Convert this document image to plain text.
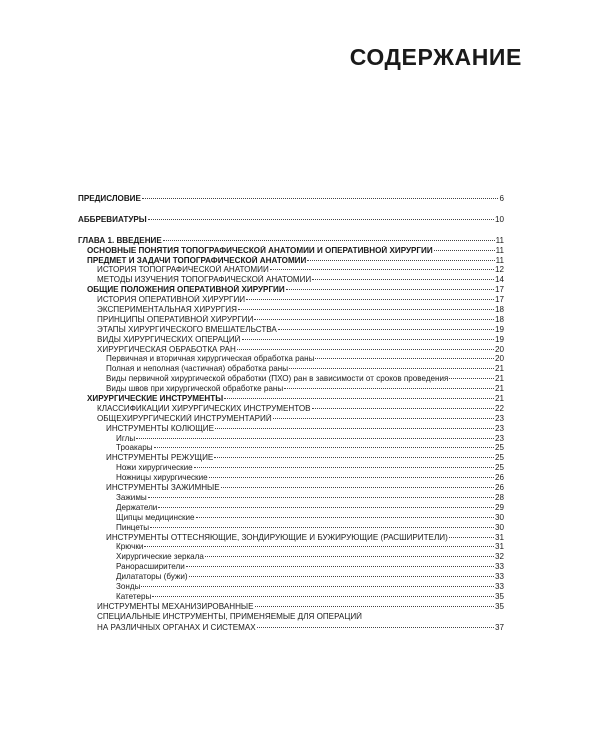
СОДЕРЖАНИЕ
ПРЕДИСЛОВИЕ	6
АББРЕВИАТУРЫ	10
ГЛАВА 1. ВВЕДЕНИЕ	11
ОСНОВНЫЕ ПОНЯТИЯ ТОПОГРАФИЧЕСКОЙ АНАТОМИИ И ОПЕРАТИВНОЙ ХИРУРГИИ	11
ПРЕДМЕТ И ЗАДАЧИ ТОПОГРАФИЧЕСКОЙ АНАТОМИИ	11
ИСТОРИЯ ТОПОГРАФИЧЕСКОЙ АНАТОМИИ	12
МЕТОДЫ ИЗУЧЕНИЯ ТОПОГРАФИЧЕСКОЙ АНАТОМИИ	14
ОБЩИЕ ПОЛОЖЕНИЯ ОПЕРАТИВНОЙ ХИРУРГИИ	17
ИСТОРИЯ ОПЕРАТИВНОЙ ХИРУРГИИ	17
ЭКСПЕРИМЕНТАЛЬНАЯ ХИРУРГИЯ	18
ПРИНЦИПЫ ОПЕРАТИВНОЙ ХИРУРГИИ	18
ЭТАПЫ ХИРУРГИЧЕСКОГО ВМЕШАТЕЛЬСТВА	19
ВИДЫ ХИРУРГИЧЕСКИХ ОПЕРАЦИЙ	19
ХИРУРГИЧЕСКАЯ ОБРАБОТКА РАН	20
Первичная и вторичная хирургическая обработка раны	20
Полная и неполная (частичная) обработка раны	21
Виды первичной хирургической обработки (ПХО) ран в зависимости от сроков проведения	21
Виды швов при хирургической обработке раны	21
ХИРУРГИЧЕСКИЕ ИНСТРУМЕНТЫ	21
КЛАССИФИКАЦИИ ХИРУРГИЧЕСКИХ ИНСТРУМЕНТОВ	22
ОБЩЕХИРУРГИЧЕСКИЙ ИНСТРУМЕНТАРИЙ	23
ИНСТРУМЕНТЫ КОЛЮЩИЕ	23
Иглы	23
Троакары	25
ИНСТРУМЕНТЫ РЕЖУЩИЕ	25
Ножи хирургические	25
Ножницы хирургические	26
ИНСТРУМЕНТЫ ЗАЖИМНЫЕ	26
Зажимы	28
Держатели	29
Щипцы медицинские	30
Пинцеты	30
ИНСТРУМЕНТЫ ОТТЕСНЯЮЩИЕ, ЗОНДИРУЮЩИЕ И БУЖИРУЮЩИЕ (РАСШИРИТЕЛИ)	31
Крючки	31
Хирургические зеркала	32
Ранорасширители	33
Дилататоры (бужи)	33
Зонды	33
Катетеры	35
ИНСТРУМЕНТЫ МЕХАНИЗИРОВАННЫЕ	35
СПЕЦИАЛЬНЫЕ ИНСТРУМЕНТЫ, ПРИМЕНЯЕМЫЕ ДЛЯ ОПЕРАЦИЙ
НА РАЗЛИЧНЫХ ОРГАНАХ И СИСТЕМАХ	37
